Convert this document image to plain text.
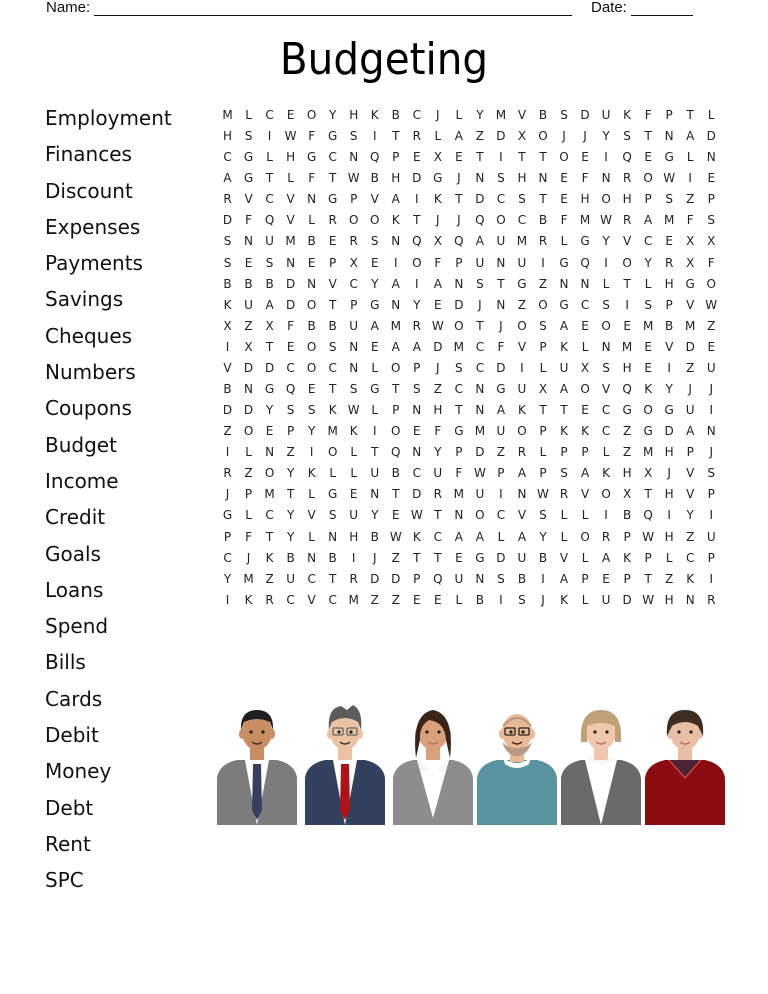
Name:	Date:
Budgeting
Employment
Finances
Discount
Expenses
Payments
Savings
Cheques
Numbers
Coupons
Budget
Income
Credit
Goals
Loans
Spend
Bills
Cards
Debit
Money
Debt
Rent
SPC
M	L	C	E	O	Y	H	K	B	C	J	L	Y	M V	B	S	D	U	K	F	P	T	L
H	S	I	W F	G	S	I	T	R	L	A	Z	D	X	O	J	J	Y	S	T	N	A	D
C	G	L	H G	C	N Q	P	E	X	E	T	I	T	T	O	E	I	Q	E	G	L	N
A	G	T	L	F	T W B	H D G	J	N	S	H	N	E	F	N	R	O W	I	E
R	V	C	V	N G	P	V	A	I	K	T	D	C	S	T	E	H O H	P	S	Z	P
D	F	Q	V	L	R	O O	K	T	J	J	Q O	C	B	F	M W R	A M	F	S
S	N	U M B	E	R	S	N Q	X	Q	A	U M R	L	G	Y	V	C	E	X	X
S	E	S	N	E	P	X	E	I	O	F	P	U	N	U	I	G Q	I	O	Y	R	X	F
B	B	B	D N	V	C	Y	A	I	A	N	S	T	G	Z	N	N	L	T	L	H G O
K	U	A	D O	T	P	G N	Y	E	D	J	N	Z	O G	C	S	I	S	P	V W
X	Z	X	F	B	B	U	A M R W O	T	J	O	S	A	E	O	E	M B M Z
I	X	T	E	O	S	N	E	A	A	D M C	F	V	P	K	L	N M	E	V	D	E
V	D D	C	O	C	N	L	O	P	J	S	C	D	I	L	U	X	S	H	E	I	Z	U
B	N G Q	E	T	S	G	T	S	Z	C	N G U	X	A	O	V	Q	K	Y	J	J
D D	Y	S	S	K W L	P	N	H	T	N	A	K	T	T	E	C	G O G U	I
Z	O	E	P	Y	M K	I	O	E	F	G M U O	P	K	K	C	Z	G D	A	N
I	L	N	Z	I	O	L	T	Q N	Y	P	D	Z	R	L	P	P	L	Z M H	P	J
R	Z	O	Y	K	L	L	U	B	C	U	F W P	A	P	S	A	K	H	X	J	V	S
J	P	M	T	L	G	E	N	T	D	R M U	I	N W R	V	O	X	T	H	V	P
G	L	C	Y	V	S	U	Y	E W T	N O	C	V	S	L	L	I	B	Q	I	Y	I
P	F	T	Y	L	N	H	B W K	C	A	A	L	A	Y	L	O	R	P W H	Z	U
C	J	K	B	N	B	I	J	Z	T	T	E	G D	U	B	V	L	A	K	P	L	C	P
Y	M Z	U	C	T	R	D D	P	Q U	N	S	B	I	A	P	E	P	T	Z	K	I
I	K	R	C	V	C M Z	Z	E	E	L	B	I	S	J	K	L	U	D W H	N	R
